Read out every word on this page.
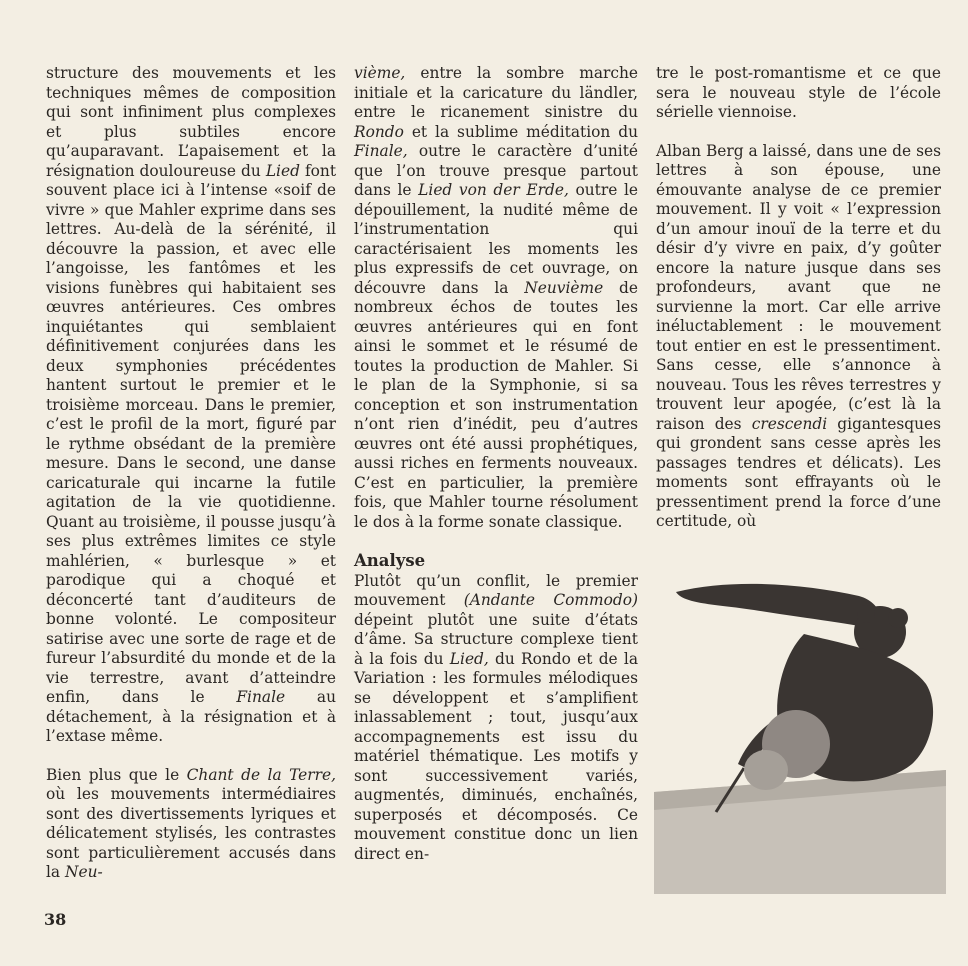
structure des mouvements et les techniques mêmes de composition qui sont infiniment plus complexes et plus subtiles encore qu’auparavant. L’apaisement et la résignation douloureuse du Lied font souvent place ici à l’intense «soif de vivre » que Mahler exprime dans ses lettres. Au-delà de la sérénité, il découvre la passion, et avec elle l’angoisse, les fantômes et les visions funèbres qui habitaient ses œuvres antérieures. Ces ombres inquiétantes qui semblaient définitivement conjurées dans les deux symphonies précédentes hantent surtout le premier et le troisième morceau. Dans le premier, c’est le profil de la mort, figuré par le rythme obsédant de la première mesure. Dans le second, une danse caricaturale qui incarne la futile agitation de la vie quotidienne. Quant au troisième, il pousse jusqu’à ses plus extrêmes limites ce style mahlérien, « burlesque » et parodique qui a choqué et déconcerté tant d’auditeurs de bonne volonté. Le compositeur satirise avec une sorte de rage et de fureur l’absurdité du monde et de la vie terrestre, avant d’atteindre enfin, dans le Finale au détachement, à la résignation et à l’extase même.

Bien plus que le Chant de la Terre, où les mouvements intermédiaires sont des divertissements lyriques et délicatement stylisés, les contrastes sont particulièrement accusés dans la Neu-

vième, entre la sombre marche initiale et la caricature du ländler, entre le ricanement sinistre du Rondo et la sublime méditation du Finale, outre le caractère d’unité que l’on trouve presque partout dans le Lied von der Erde, outre le dépouillement, la nudité même de l’instrumentation qui caractérisaient les moments les plus expressifs de cet ouvrage, on découvre dans la Neuvième de nombreux échos de toutes les œuvres antérieures qui en font ainsi le sommet et le résumé de toutes la production de Mahler. Si le plan de la Symphonie, si sa conception et son instrumentation n’ont rien d’inédit, peu d’autres œuvres ont été aussi prophétiques, aussi riches en ferments nouveaux. C’est en particulier, la première fois, que Mahler tourne résolument le dos à la forme sonate classique.

Analyse

Plutôt qu’un conflit, le premier mouvement (Andante Commodo) dépeint plutôt une suite d’états d’âme. Sa structure complexe tient à la fois du Lied, du Rondo et de la Variation : les formules mélodiques se développent et s’amplifient inlassablement ; tout, jusqu’aux accompagnements est issu du matériel thématique. Les motifs y sont successivement variés, augmentés, diminués, enchaînés, superposés et décomposés. Ce mouvement constitue donc un lien direct en-

tre le post-romantisme et ce que sera le nouveau style de l’école sérielle viennoise.

Alban Berg a laissé, dans une de ses lettres à son épouse, une émouvante analyse de ce premier mouvement. Il y voit « l’expression d’un amour inouï de la terre et du désir d’y vivre en paix, d’y goûter encore la nature jusque dans ses profondeurs, avant que ne survienne la mort. Car elle arrive inéluctablement : le mouvement tout entier en est le pressentiment. Sans cesse, elle s’annonce à nouveau. Tous les rêves terrestres y trouvent leur apogée, (c’est là la raison des crescendi gigantesques qui grondent sans cesse après les passages tendres et délicats). Les moments sont effrayants où le pressentiment prend la force d’une certitude, où

38
